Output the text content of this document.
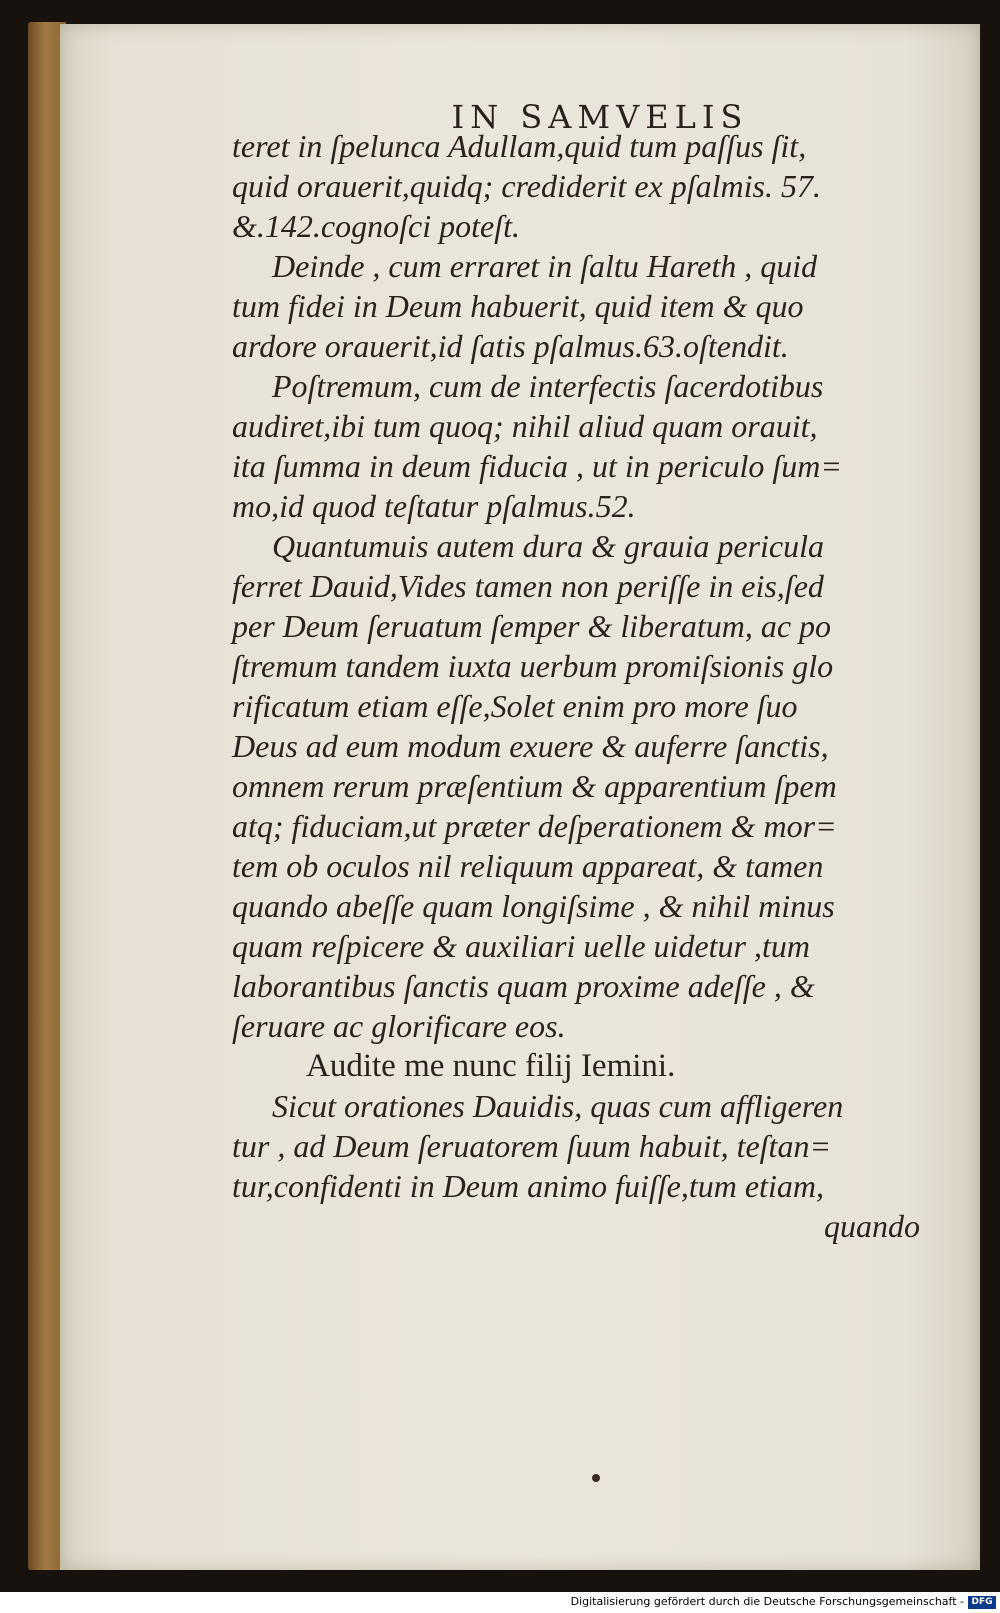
IN SAMVELIS
teret in ſpelunca Adullam,quid tum paſſus ſit,
quid orauerit,quidq; crediderit ex pſalmis. 57.
&.142.cognoſci poteſt.
Deinde , cum erraret in ſaltu Hareth , quid
tum fidei in Deum habuerit, quid item & quo
ardore orauerit,id ſatis pſalmus.63.oſtendit.
Poſtremum, cum de interfectis ſacerdotibus
audiret,ibi tum quoq; nihil aliud quam orauit,
ita ſumma in deum fiducia , ut in periculo ſum=
mo,id quod teſtatur pſalmus.52.
Quantumuis autem dura & grauia pericula
ferret Dauid,Vides tamen non periſſe in eis,ſed
per Deum ſeruatum ſemper & liberatum, ac po
ſtremum tandem iuxta uerbum promiſsionis glo
rificatum etiam eſſe,Solet enim pro more ſuo
Deus ad eum modum exuere & auferre ſanctis,
omnem rerum præſentium & apparentium ſpem
atq; fiduciam,ut præter deſperationem & mor=
tem ob oculos nil reliquum appareat, & tamen
quando abeſſe quam longiſsime , & nihil minus
quam reſpicere & auxiliari uelle uidetur ,tum
laborantibus ſanctis quam proxime adeſſe , &
ſeruare ac glorificare eos.
Audite me nunc filij Iemini.
Sicut orationes Dauidis, quas cum affligeren
tur , ad Deum ſeruatorem ſuum habuit, teſtan=
tur,confidenti in Deum animo fuiſſe,tum etiam,
quando
Digitalisierung gefördert durch die Deutsche Forschungsgemeinschaft - DFG
